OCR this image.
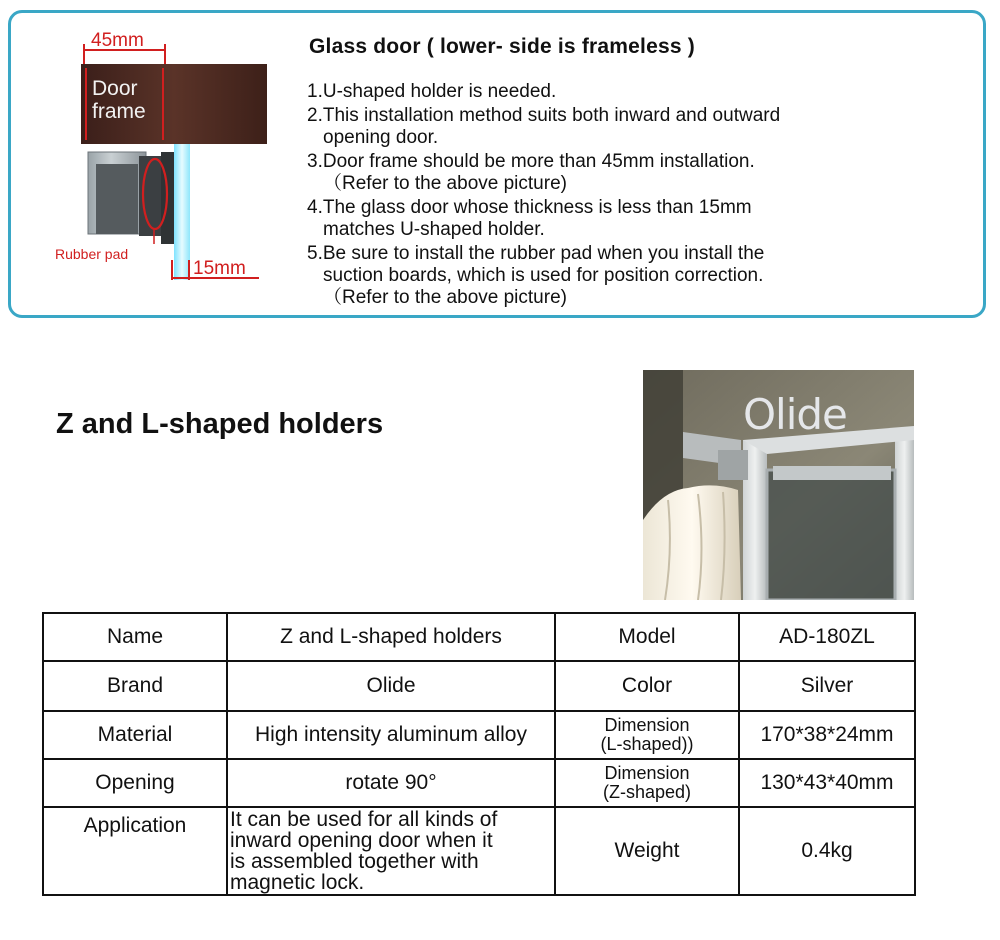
45mm
Door
frame
Rubber pad
15mm
Glass door ( lower- side is frameless )
1.U-shaped holder is needed.
2.This installation method suits both inward and outward
opening door.
3.Door frame should be more than 45mm installation.
（Refer to the above picture)
4.The glass door whose thickness is less than 15mm
matches U-shaped holder.
5.Be sure to install the rubber pad when you install the
suction boards, which is used for position correction.
（Refer to the above picture)
Z and L-shaped holders	Olide
Name	Z and L-shaped holders	Model	AD-180ZL
Brand	Olide	Color	Silver
Material	High intensity aluminum alloy	Dimension
(L-shaped))	170*38*24mm
Opening	rotate 90°	Dimension
(Z-shaped)	130*43*40mm
Application	It can be used for all kinds of
inward opening door when it
is assembled together with
magnetic lock.	Weight	0.4kg
